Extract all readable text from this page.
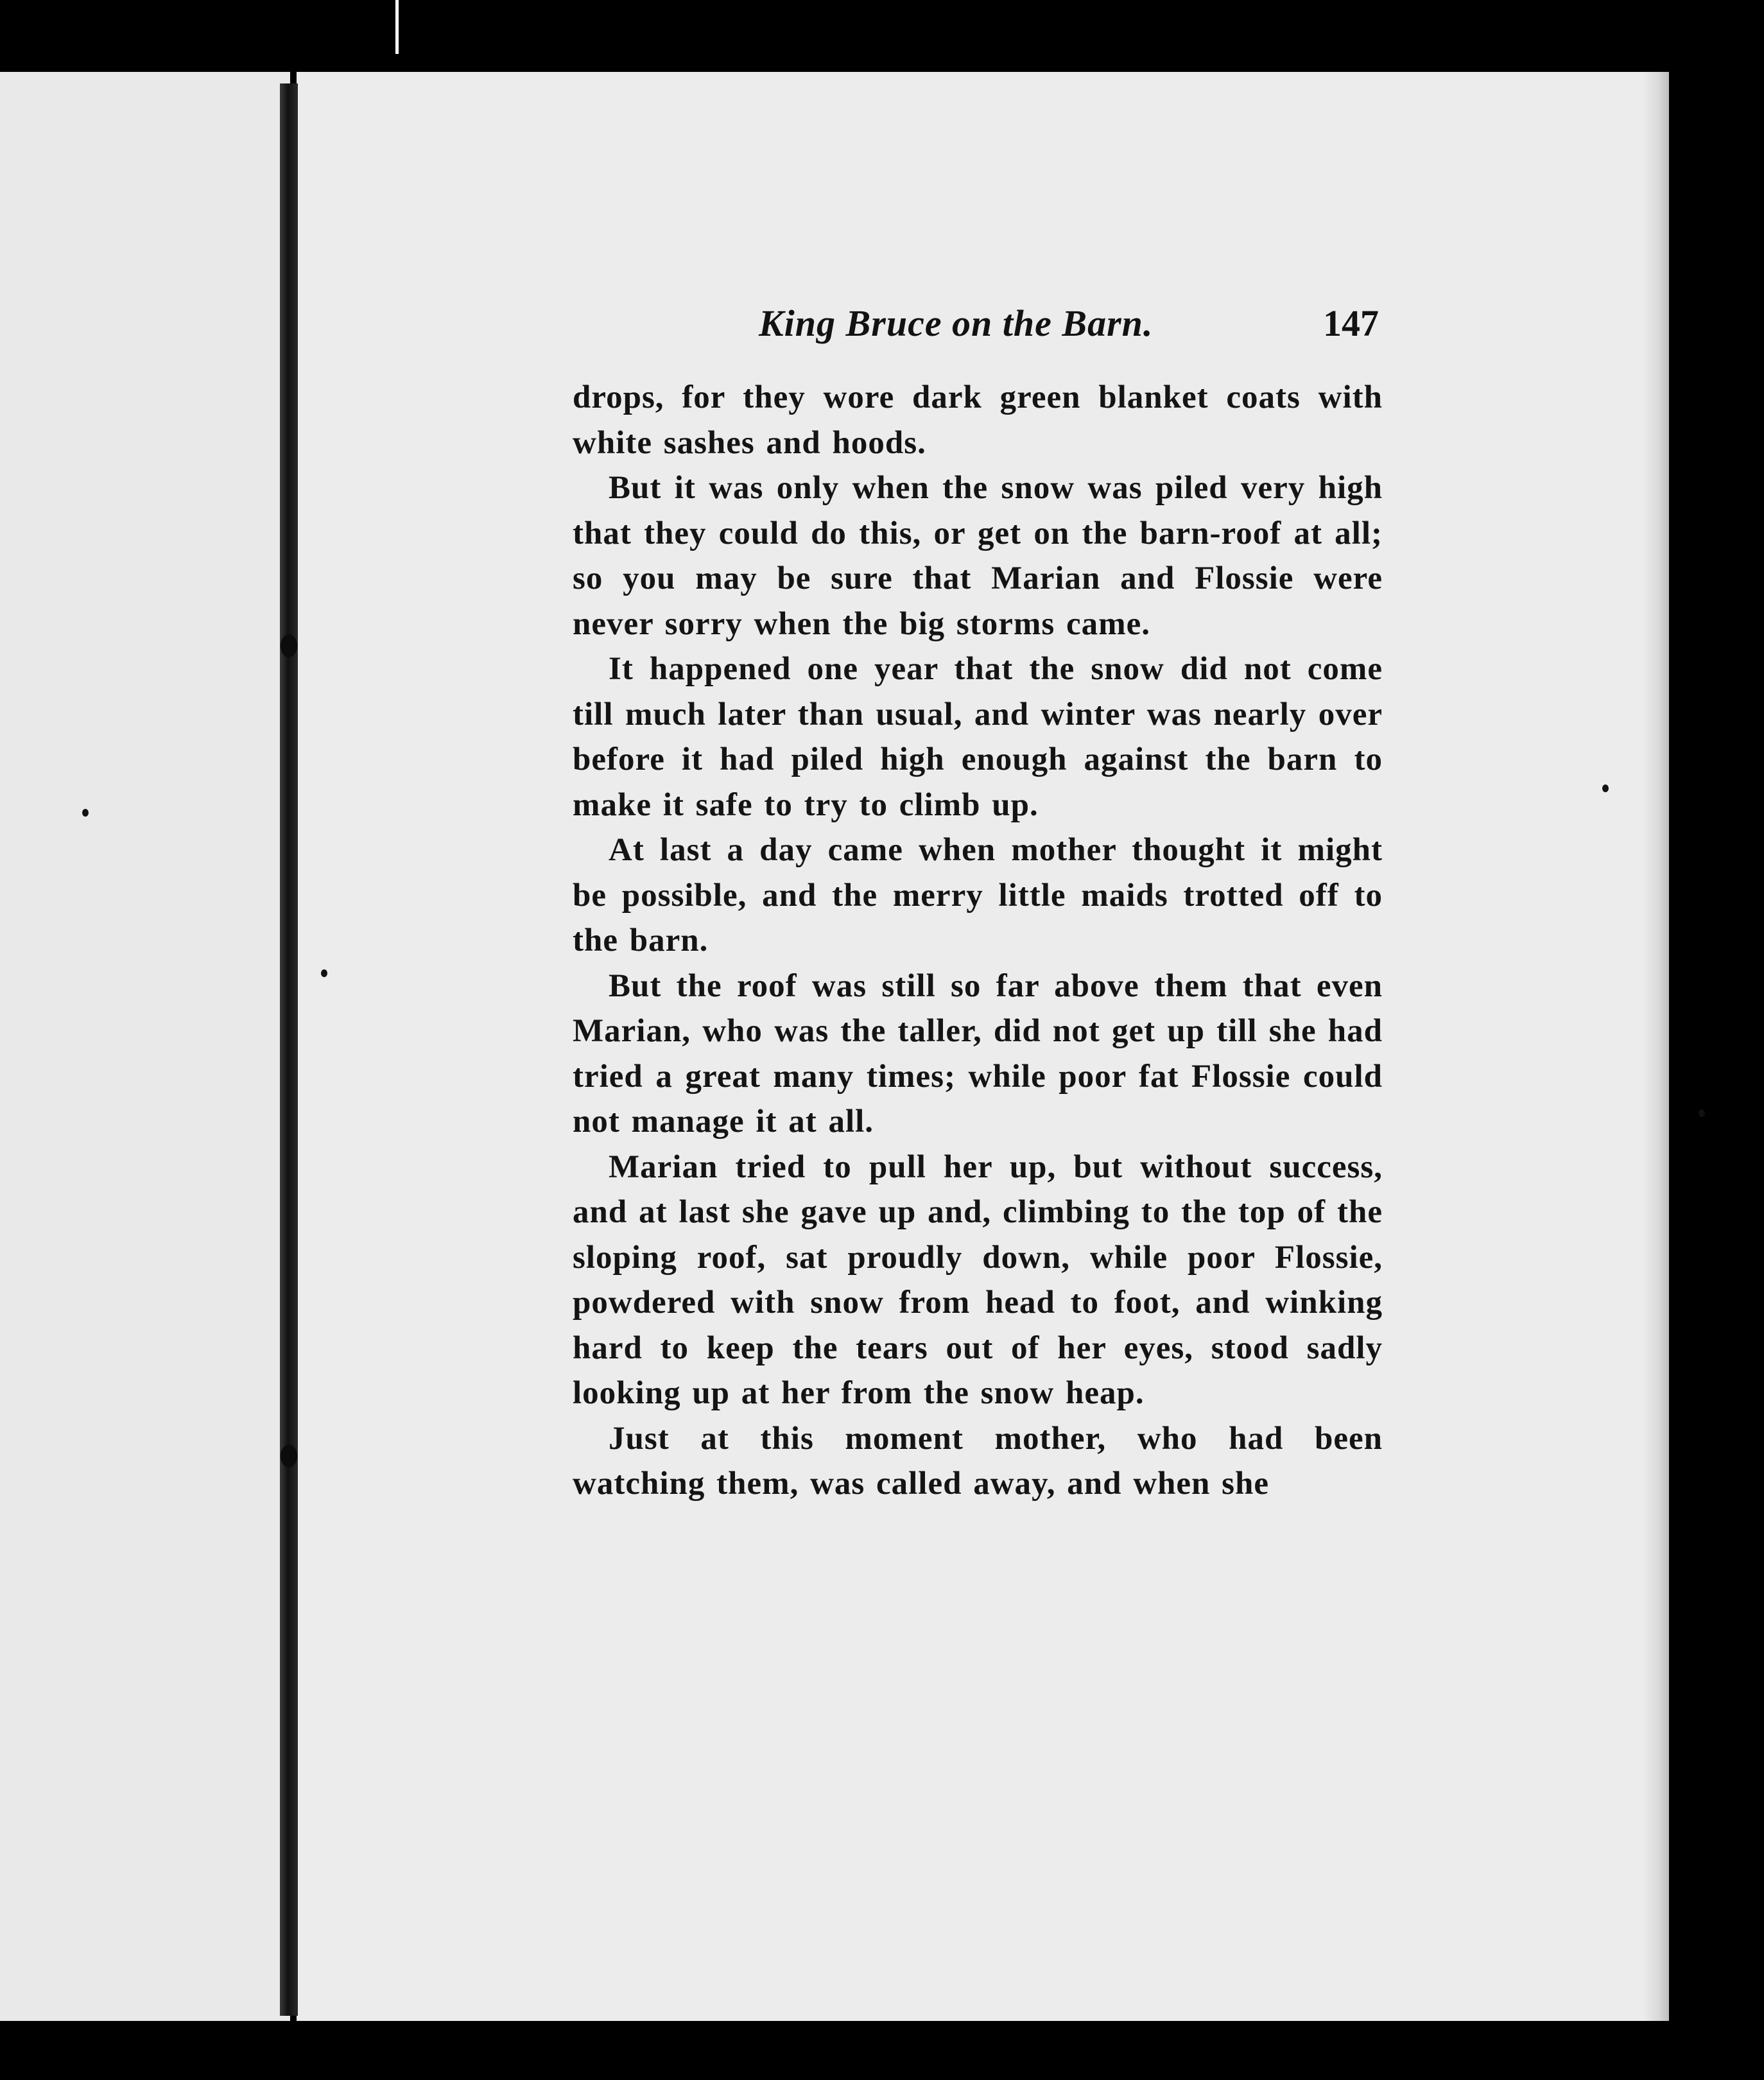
King Bruce on the Barn.	147

drops, for they wore dark green blanket coats with white sashes and hoods.

But it was only when the snow was piled very high that they could do this, or get on the barn-roof at all; so you may be sure that Marian and Flossie were never sorry when the big storms came.

It happened one year that the snow did not come till much later than usual, and winter was nearly over before it had piled high enough against the barn to make it safe to try to climb up.

At last a day came when mother thought it might be possible, and the merry little maids trotted off to the barn.

But the roof was still so far above them that even Marian, who was the taller, did not get up till she had tried a great many times; while poor fat Flossie could not manage it at all.

Marian tried to pull her up, but without success, and at last she gave up and, climbing to the top of the sloping roof, sat proudly down, while poor Flossie, powdered with snow from head to foot, and winking hard to keep the tears out of her eyes, stood sadly looking up at her from the snow heap.

Just at this moment mother, who had been watching them, was called away, and when she
